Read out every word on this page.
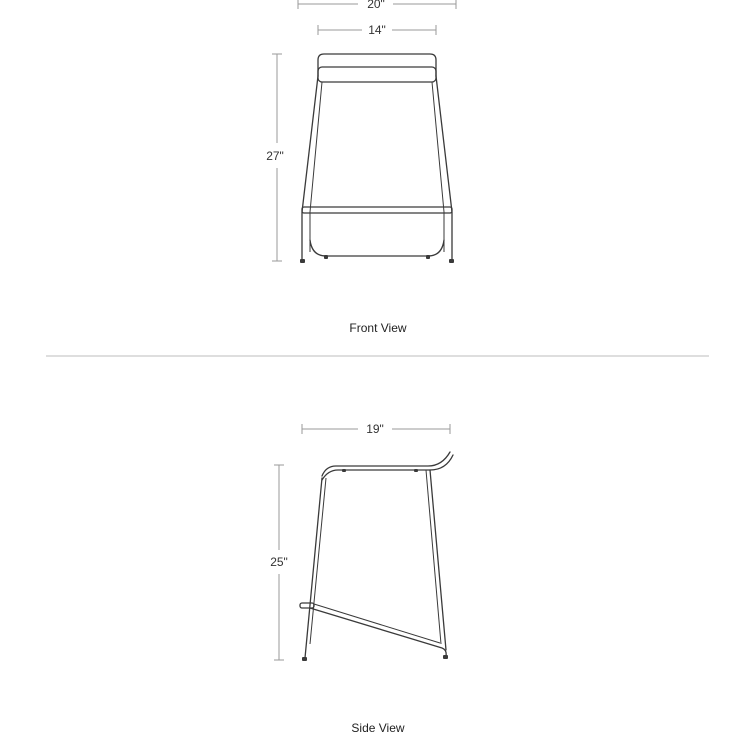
20"
14"
27"
Front View
19"
25"
Side View
